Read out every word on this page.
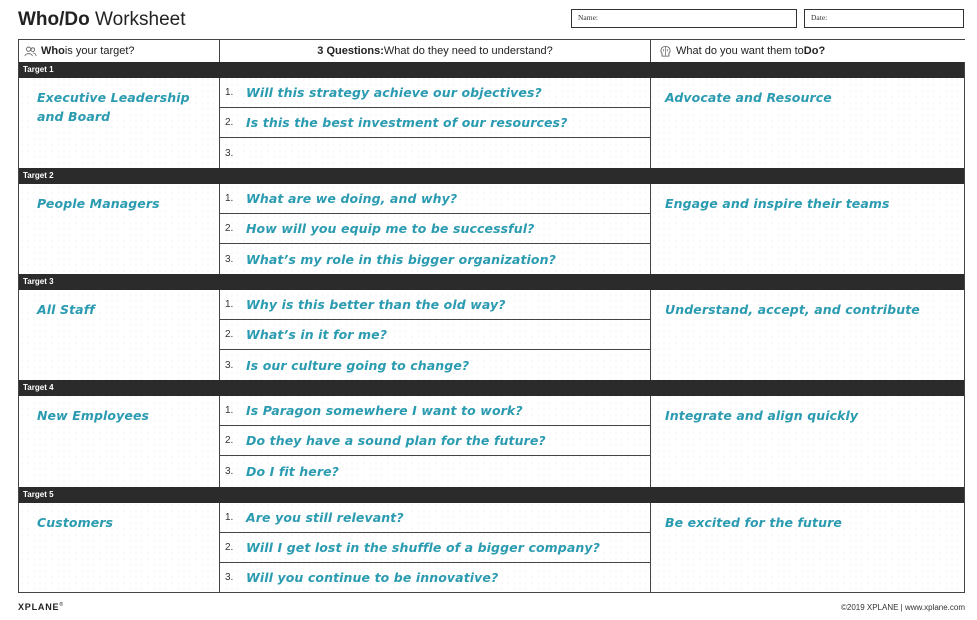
Who/Do Worksheet	Name:	Date:
Who is your target?	3 Questions: What do they need to understand?	What do you want them to Do?
Target 1
Executive Leadership and Board
1.	Will this strategy achieve our objectives?
2.	Is this the best investment of our resources?
3.
Advocate and Resource
Target 2
People Managers	1.	What are we doing, and why?
2.	How will you equip me to be successful?
3.	What’s my role in this bigger organization?
Engage and inspire their teams
Target 3
All Staff	1.	Why is this better than the old way?
2.	What’s in it for me?
3.	Is our culture going to change?
Understand, accept, and contribute
Target 4
New Employees	1.	Is Paragon somewhere I want to work?
2.	Do they have a sound plan for the future?
3.	Do I fit here?
Integrate and align quickly
Target 5
Customers	1.	Are you still relevant?
2.	Will I get lost in the shuffle of a bigger company?
3.	Will you continue to be innovative?
Be excited for the future
XPLANE®	©2019 XPLANE | www.xplane.com
